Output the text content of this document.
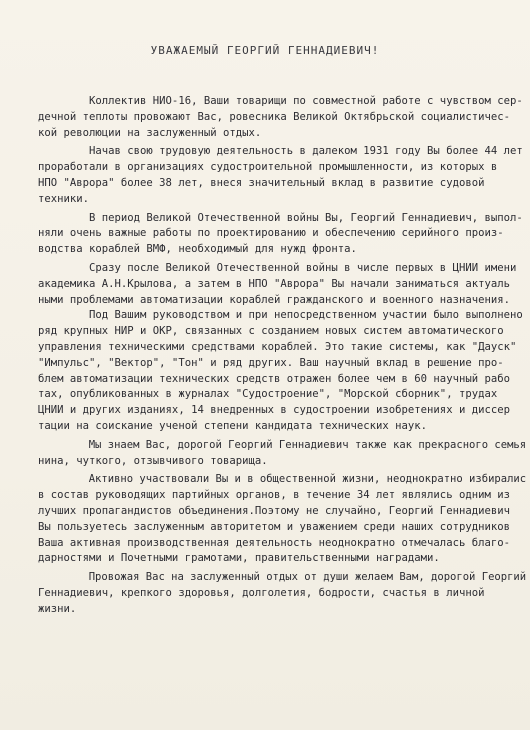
УВАЖАЕМЫЙ ГЕОРГИЙ ГЕННАДИЕВИЧ!
Коллектив НИО-16, Ваши товарищи по совместной работе с чувством сер-
дечной теплоты провожают Вас, ровесника Великой Октябрьской социалистичес-
кой революции на заслуженный отдых.
Начав свою трудовую деятельность в далеком 1931 году Вы более 44 лет
проработали в организациях судостроительной промышленности, из которых в
НПО "Аврора" более 38 лет, внеся значительный вклад в развитие судовой
техники.
В период Великой Отечественной войны Вы, Георгий Геннадиевич, выпол-
няли очень важные работы по проектированию и обеспечению серийного произ-
водства кораблей ВМФ, необходимый для нужд фронта.
Сразу после Великой Отечественной войны в числе первых в ЦНИИ имени
академика А.Н.Крылова, а затем в НПО "Аврора" Вы начали заниматься актуаль
ными проблемами автоматизации кораблей гражданского и военного назначения.
Под Вашим руководством и при непосредственном участии было выполнено
ряд крупных НИР и ОКР, связанных с созданием новых систем автоматического
управления техническими средствами кораблей. Это такие системы, как "Дауск"
"Импульс", "Вектор", "Тон" и ряд других. Ваш научный вклад в решение про-
блем автоматизации технических средств отражен более чем в 60 научный рабо
тах, опубликованных в журналах "Судостроение", "Морской сборник", трудах
ЦНИИ и других изданиях, 14 внедренных в судостроении изобретениях и диссер
тации на соискание ученой степени кандидата технических наук.
Мы знаем Вас, дорогой Георгий Геннадиевич также как прекрасного семья
нина, чуткого, отзывчивого товарища.
Активно участвовали Вы и в общественной жизни, неоднократно избиралис
в состав руководящих партийных органов, в течение 34 лет являлись одним из
лучших пропагандистов объединения.Поэтому не случайно, Георгий Геннадиевич
Вы пользуетесь заслуженным авторитетом и уважением среди наших сотрудников
Ваша активная производственная деятельность неоднократно отмечалась благо-
дарностями и Почетными грамотами, правительственными наградами.
Провожая Вас на заслуженный отдых от души желаем Вам, дорогой Георгий
Геннадиевич, крепкого здоровья, долголетия, бодрости, счастья в личной
жизни.
